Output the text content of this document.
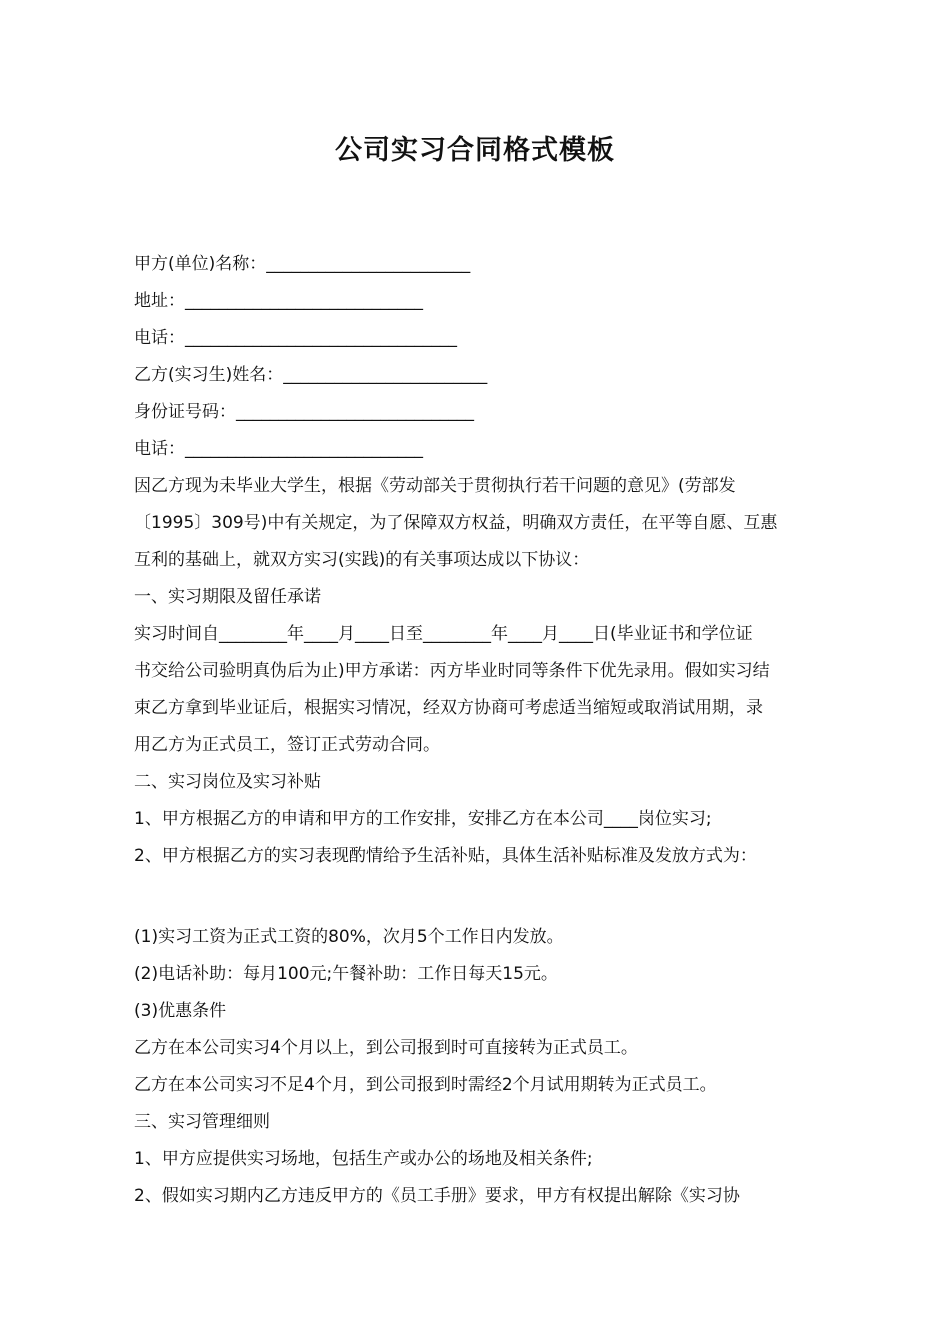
公司实习合同格式模板
甲方(单位)名称：________________________
地址：____________________________
电话：________________________________
乙方(实习生)姓名：________________________
身份证号码：____________________________
电话：____________________________
因乙方现为未毕业大学生，根据《劳动部关于贯彻执行若干问题的意见》(劳部发
〔1995〕309号)中有关规定，为了保障双方权益，明确双方责任，在平等自愿、互惠
互利的基础上，就双方实习(实践)的有关事项达成以下协议：
一、实习期限及留任承诺
实习时间自________年____月____日至________年____月____日(毕业证书和学位证
书交给公司验明真伪后为止)甲方承诺：丙方毕业时同等条件下优先录用。假如实习结
束乙方拿到毕业证后，根据实习情况，经双方协商可考虑适当缩短或取消试用期，录
用乙方为正式员工，签订正式劳动合同。
二、实习岗位及实习补贴
1、甲方根据乙方的申请和甲方的工作安排，安排乙方在本公司____岗位实习;
2、甲方根据乙方的实习表现酌情给予生活补贴，具体生活补贴标准及发放方式为：
(1)实习工资为正式工资的80%，次月5个工作日内发放。
(2)电话补助：每月100元;午餐补助：工作日每天15元。
(3)优惠条件
乙方在本公司实习4个月以上，到公司报到时可直接转为正式员工。
乙方在本公司实习不足4个月，到公司报到时需经2个月试用期转为正式员工。
三、实习管理细则
1、甲方应提供实习场地，包括生产或办公的场地及相关条件;
2、假如实习期内乙方违反甲方的《员工手册》要求，甲方有权提出解除《实习协
